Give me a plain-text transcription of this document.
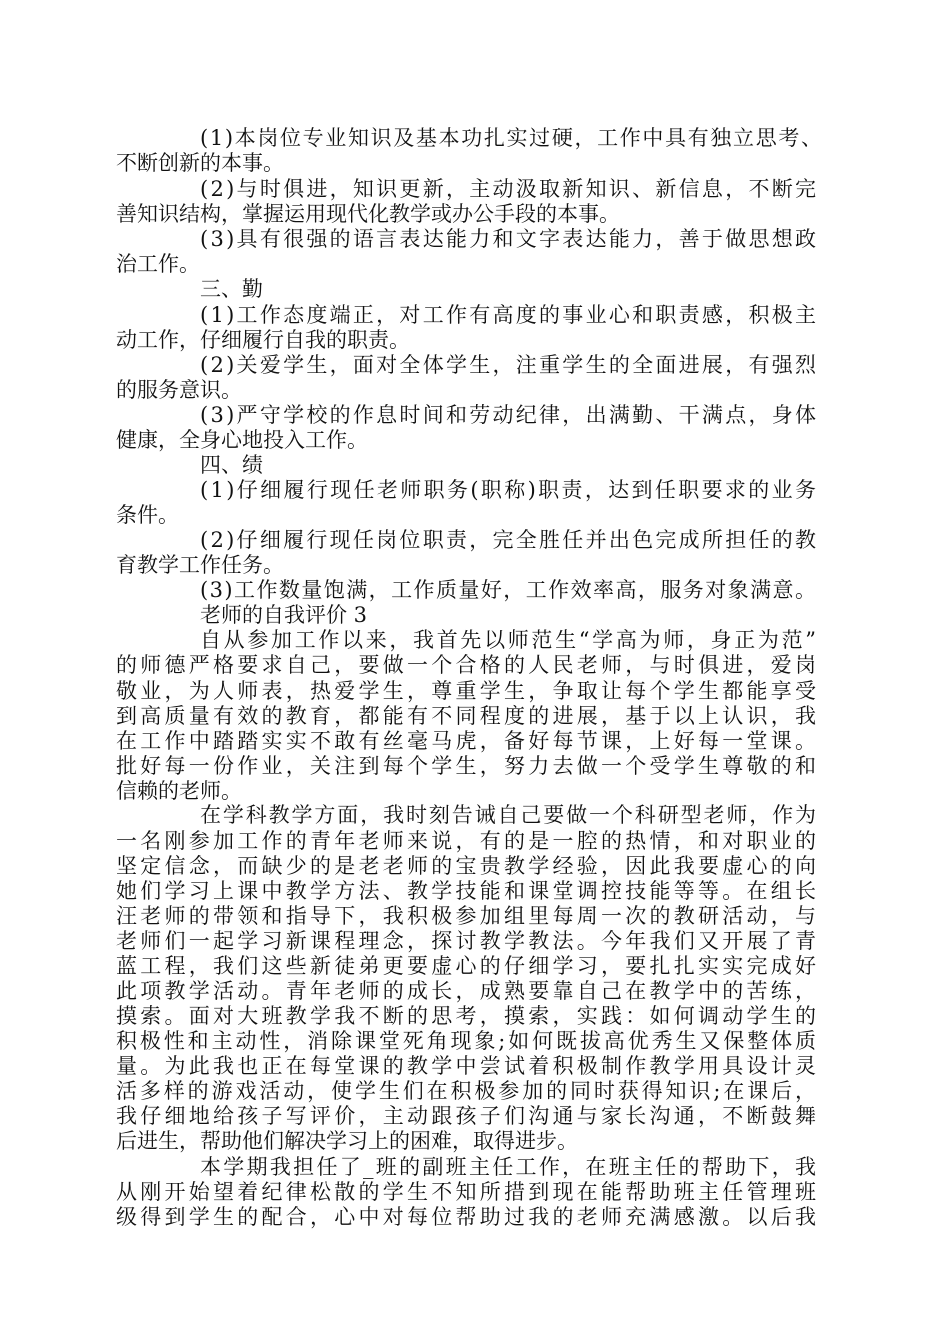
(1)本岗位专业知识及基本功扎实过硬，工作中具有独立思考、
不断创新的本事。
(2)与时俱进，知识更新，主动汲取新知识、新信息，不断完
善知识结构，掌握运用现代化教学或办公手段的本事。
(3)具有很强的语言表达能力和文字表达能力，善于做思想政
治工作。
三、勤
(1)工作态度端正，对工作有高度的事业心和职责感，积极主
动工作，仔细履行自我的职责。
(2)关爱学生，面对全体学生，注重学生的全面进展，有强烈
的服务意识。
(3)严守学校的作息时间和劳动纪律，出满勤、干满点，身体
健康，全身心地投入工作。
四、绩
(1)仔细履行现任老师职务(职称)职责，达到任职要求的业务
条件。
(2)仔细履行现任岗位职责，完全胜任并出色完成所担任的教
育教学工作任务。
(3)工作数量饱满，工作质量好，工作效率高，服务对象满意。
老师的自我评价 3
自从参加工作以来，我首先以师范生“学高为师，身正为范”
的师德严格要求自己，要做一个合格的人民老师，与时俱进，爱岗
敬业，为人师表，热爱学生，尊重学生，争取让每个学生都能享受
到高质量有效的教育，都能有不同程度的进展，基于以上认识，我
在工作中踏踏实实不敢有丝毫马虎，备好每节课，上好每一堂课。
批好每一份作业，关注到每个学生，努力去做一个受学生尊敬的和
信赖的老师。
在学科教学方面，我时刻告诫自己要做一个科研型老师，作为
一名刚参加工作的青年老师来说，有的是一腔的热情，和对职业的
坚定信念，而缺少的是老老师的宝贵教学经验，因此我要虚心的向
她们学习上课中教学方法、教学技能和课堂调控技能等等。在组长
汪老师的带领和指导下，我积极参加组里每周一次的教研活动，与
老师们一起学习新课程理念，探讨教学教法。今年我们又开展了青
蓝工程，我们这些新徒弟更要虚心的仔细学习，要扎扎实实完成好
此项教学活动。青年老师的成长，成熟要靠自己在教学中的苦练，
摸索。面对大班教学我不断的思考，摸索，实践：如何调动学生的
积极性和主动性，消除课堂死角现象;如何既拔高优秀生又保整体质
量。为此我也正在每堂课的教学中尝试着积极制作教学用具设计灵
活多样的游戏活动，使学生们在积极参加的同时获得知识;在课后，
我仔细地给孩子写评价，主动跟孩子们沟通与家长沟通，不断鼓舞
后进生，帮助他们解决学习上的困难，取得进步。
本学期我担任了_班的副班主任工作，在班主任的帮助下，我
从刚开始望着纪律松散的学生不知所措到现在能帮助班主任管理班
级得到学生的配合，心中对每位帮助过我的老师充满感激。以后我
